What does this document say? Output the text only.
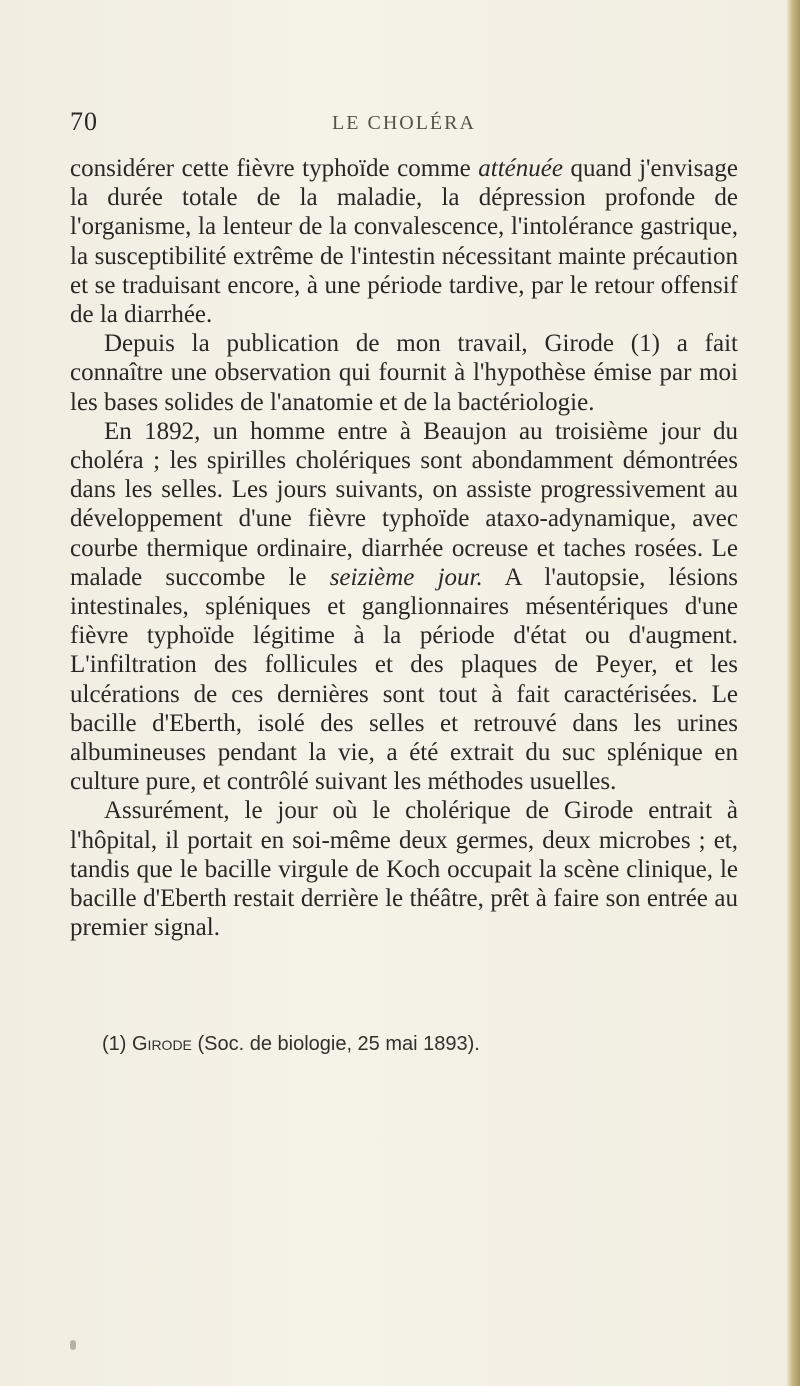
70	LE CHOLÉRA

considérer cette fièvre typhoïde comme atténuée quand j'envisage la durée totale de la maladie, la dépression profonde de l'organisme, la lenteur de la convalescence, l'intolérance gastrique, la susceptibilité extrême de l'intestin nécessitant mainte précaution et se traduisant encore, à une période tardive, par le retour offensif de la diarrhée.

Depuis la publication de mon travail, Girode (1) a fait connaître une observation qui fournit à l'hypothèse émise par moi les bases solides de l'anatomie et de la bactériologie.

En 1892, un homme entre à Beaujon au troisième jour du choléra ; les spirilles cholériques sont abondamment démontrées dans les selles. Les jours suivants, on assiste progressivement au développement d'une fièvre typhoïde ataxo-adynamique, avec courbe thermique ordinaire, diarrhée ocreuse et taches rosées. Le malade succombe le seizième jour. A l'autopsie, lésions intestinales, spléniques et ganglionnaires mésentériques d'une fièvre typhoïde légitime à la période d'état ou d'augment. L'infiltration des follicules et des plaques de Peyer, et les ulcérations de ces dernières sont tout à fait caractérisées. Le bacille d'Eberth, isolé des selles et retrouvé dans les urines albumineuses pendant la vie, a été extrait du suc splénique en culture pure, et contrôlé suivant les méthodes usuelles.

Assurément, le jour où le cholérique de Girode entrait à l'hôpital, il portait en soi-même deux germes, deux microbes ; et, tandis que le bacille virgule de Koch occupait la scène clinique, le bacille d'Eberth restait derrière le théâtre, prêt à faire son entrée au premier signal.

(1) Girode (Soc. de biologie, 25 mai 1893).
